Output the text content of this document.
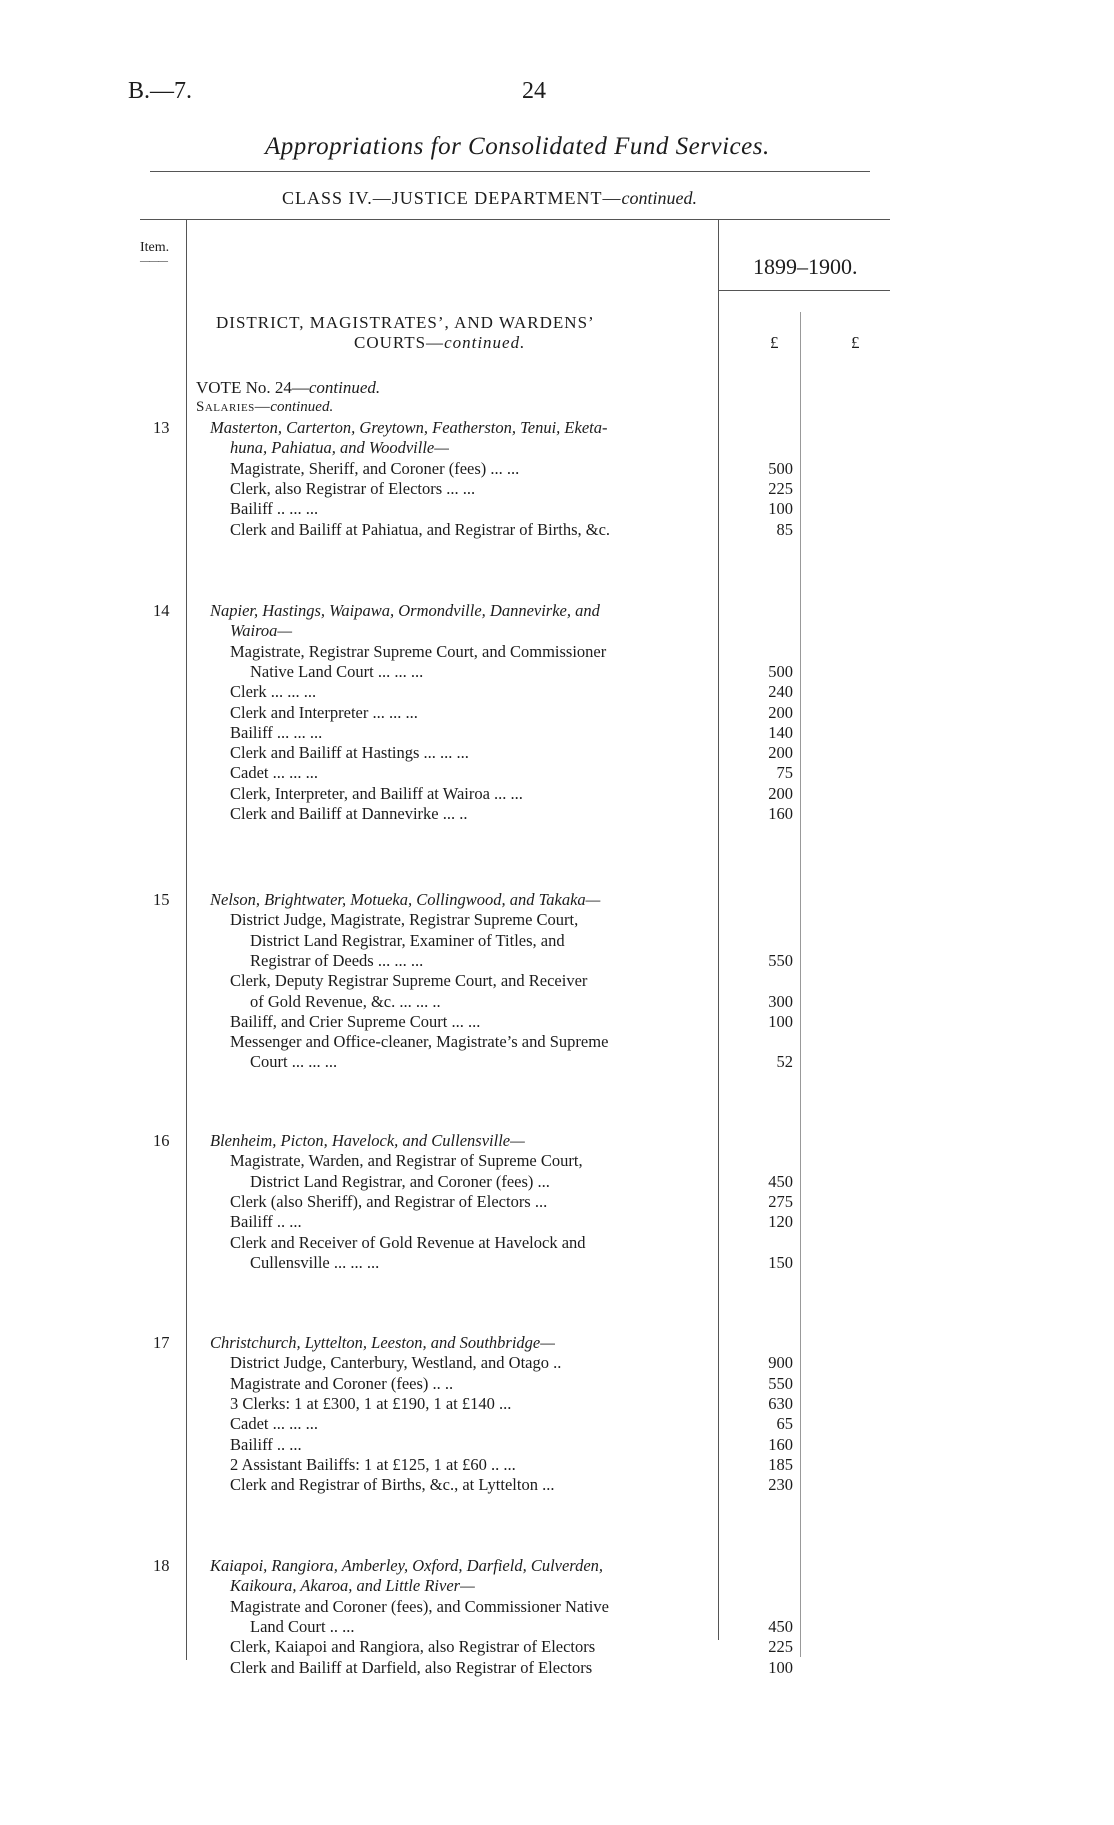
B.—7.	24
Appropriations for Consolidated Fund Services.
CLASS IV.—JUSTICE DEPARTMENT—continued.
Item.
———	1899–1900.
£	£
DISTRICT, MAGISTRATES’, AND WARDENS’
COURTS—continued.
VOTE No. 24—continued.
Salaries—continued.
13 Masterton, Carterton, Greytown, Featherston, Tenui, Eketa-
huna, Pahiatua, and Woodville—
Magistrate, Sheriff, and Coroner (fees) ... ...	500
Clerk, also Registrar of Electors ... ...	225
Bailiff .. ... ...	100
Clerk and Bailiff at Pahiatua, and Registrar of Births, &c.	85
14 Napier, Hastings, Waipawa, Ormondville, Dannevirke, and
Wairoa—
Magistrate, Registrar Supreme Court, and Commissioner
Native Land Court ... ... ...	500
Clerk ... ... ...	240
Clerk and Interpreter ... ... ...	200
Bailiff ... ... ...	140
Clerk and Bailiff at Hastings ... ... ...	200
Cadet ... ... ...	75
Clerk, Interpreter, and Bailiff at Wairoa ... ...	200
Clerk and Bailiff at Dannevirke ... ..	160
15 Nelson, Brightwater, Motueka, Collingwood, and Takaka—
District Judge, Magistrate, Registrar Supreme Court,
District Land Registrar, Examiner of Titles, and
Registrar of Deeds ... ... ...	550
Clerk, Deputy Registrar Supreme Court, and Receiver
of Gold Revenue, &c. ... ... ..	300
Bailiff, and Crier Supreme Court ... ...	100
Messenger and Office-cleaner, Magistrate’s and Supreme
Court ... ... ...	52
16 Blenheim, Picton, Havelock, and Cullensville—
Magistrate, Warden, and Registrar of Supreme Court,
District Land Registrar, and Coroner (fees) ...	450
Clerk (also Sheriff), and Registrar of Electors ...	275
Bailiff .. ...	120
Clerk and Receiver of Gold Revenue at Havelock and
Cullensville ... ... ...	150
17 Christchurch, Lyttelton, Leeston, and Southbridge—
District Judge, Canterbury, Westland, and Otago ..	900
Magistrate and Coroner (fees) .. ..	550
3 Clerks: 1 at £300, 1 at £190, 1 at £140 ...	630
Cadet ... ... ...	65
Bailiff .. ...	160
2 Assistant Bailiffs: 1 at £125, 1 at £60 .. ...	185
Clerk and Registrar of Births, &c., at Lyttelton ...	230
18 Kaiapoi, Rangiora, Amberley, Oxford, Darfield, Culverden,
Kaikoura, Akaroa, and Little River—
Magistrate and Coroner (fees), and Commissioner Native
Land Court .. ...	450
Clerk, Kaiapoi and Rangiora, also Registrar of Electors	225
Clerk and Bailiff at Darfield, also Registrar of Electors	100
